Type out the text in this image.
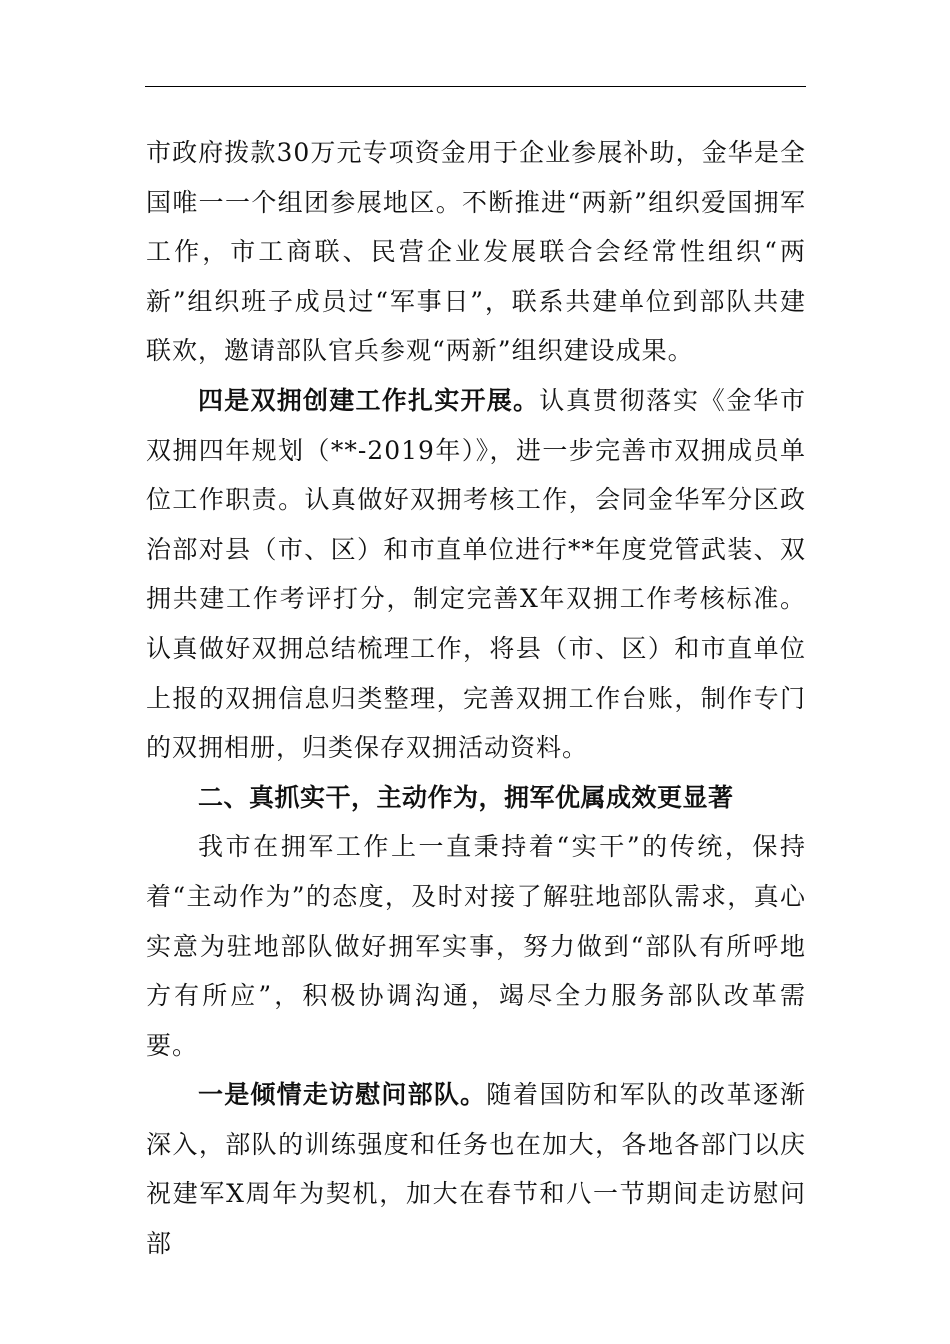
市政府拨款30万元专项资金用于企业参展补助，金华是全国唯一一个组团参展地区。不断推进“两新”组织爱国拥军工作，市工商联、民营企业发展联合会经常性组织“两新”组织班子成员过“军事日”，联系共建单位到部队共建联欢，邀请部队官兵参观“两新”组织建设成果。

四是双拥创建工作扎实开展。认真贯彻落实《金华市双拥四年规划（**-2019年）》，进一步完善市双拥成员单位工作职责。认真做好双拥考核工作，会同金华军分区政治部对县（市、区）和市直单位进行**年度党管武装、双拥共建工作考评打分，制定完善X年双拥工作考核标准。认真做好双拥总结梳理工作，将县（市、区）和市直单位上报的双拥信息归类整理，完善双拥工作台账，制作专门的双拥相册，归类保存双拥活动资料。

二、真抓实干，主动作为，拥军优属成效更显著

我市在拥军工作上一直秉持着“实干”的传统，保持着“主动作为”的态度，及时对接了解驻地部队需求，真心实意为驻地部队做好拥军实事，努力做到“部队有所呼地方有所应”，积极协调沟通，竭尽全力服务部队改革需要。

一是倾情走访慰问部队。随着国防和军队的改革逐渐深入，部队的训练强度和任务也在加大，各地各部门以庆祝建军X周年为契机，加大在春节和八一节期间走访慰问部
